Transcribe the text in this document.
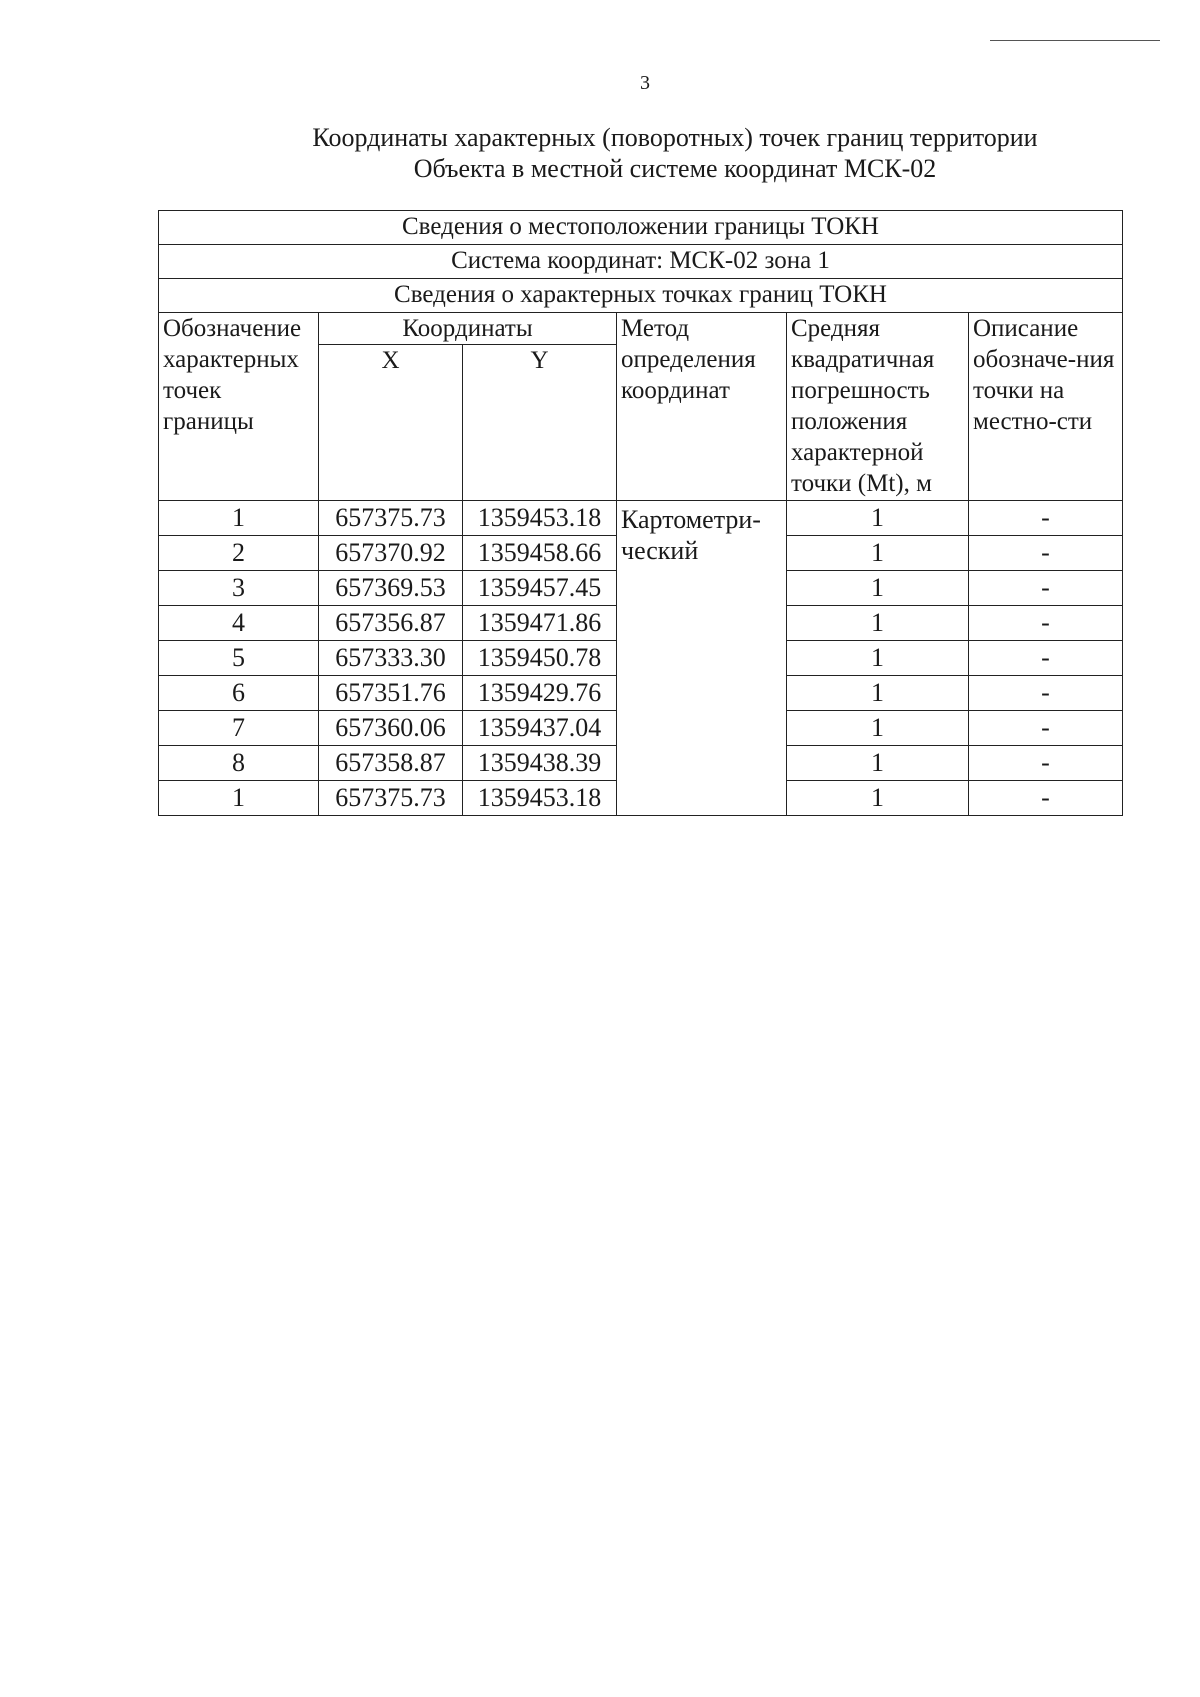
3
Координаты характерных (поворотных) точек границ территории
Объекта в местной системе координат МСК-02
Сведения о местоположении границы ТОКН					
Система координат: МСК-02 зона 1					
Сведения о характерных точках границ ТОКН					
Обозначение характерных точек границы	Координаты		Метод определения координат	Средняя квадратичная погрешность положения характерной точки (Mt), м	Описание обозначе-ния точки на местно-сти
	X	Y			
1	657375.73	1359453.18	Картометри-ческий	1	-
2	657370.92	1359458.66		1	-
3	657369.53	1359457.45		1	-
4	657356.87	1359471.86		1	-
5	657333.30	1359450.78		1	-
6	657351.76	1359429.76		1	-
7	657360.06	1359437.04		1	-
8	657358.87	1359438.39		1	-
1	657375.73	1359453.18		1	-
